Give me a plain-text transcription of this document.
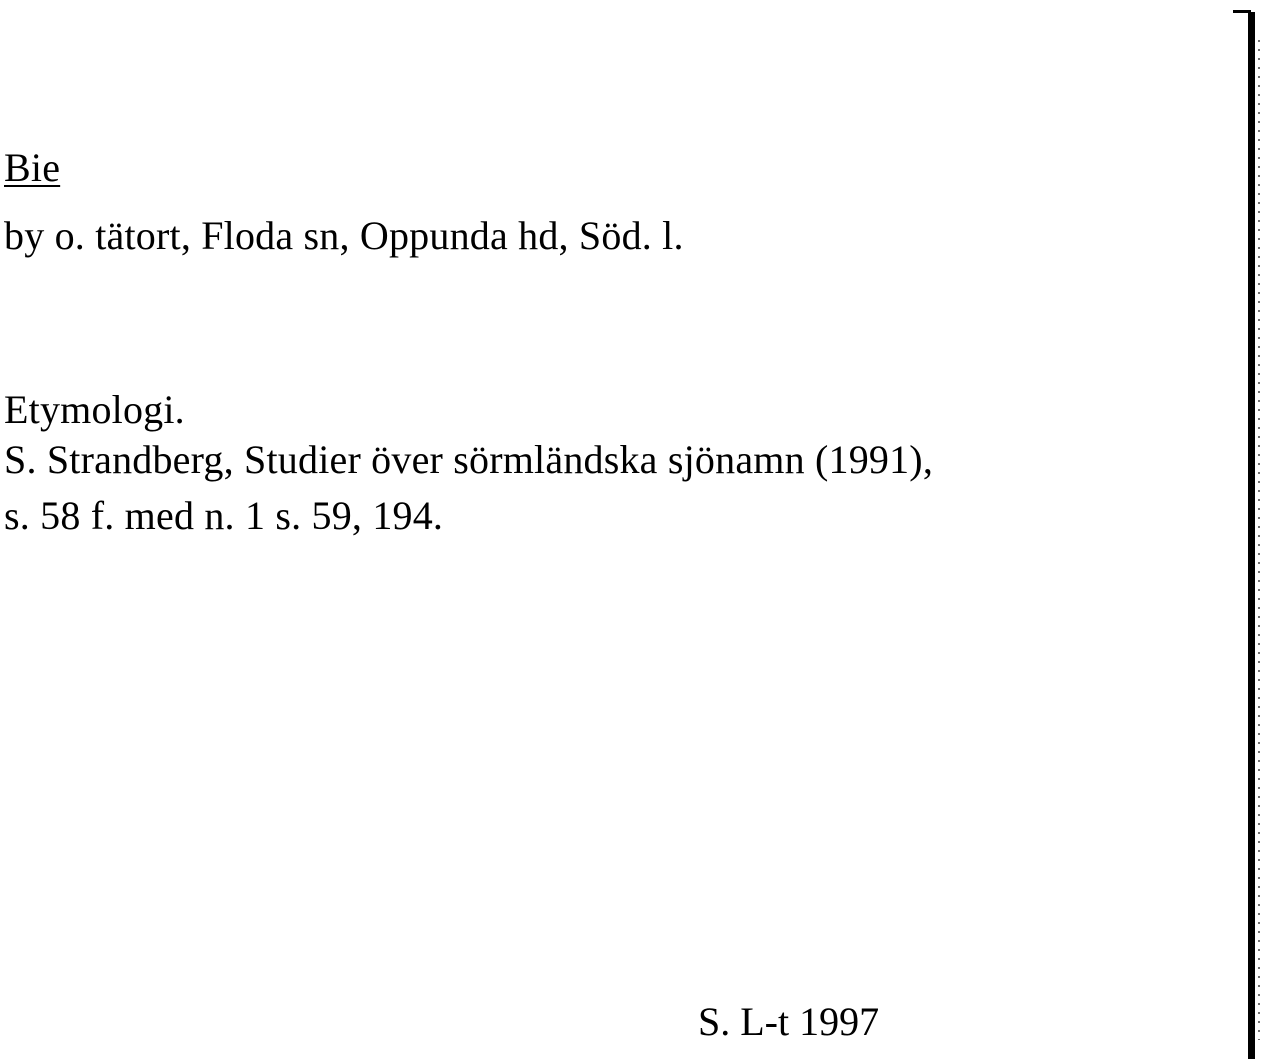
Bie
by o. tätort, Floda sn, Oppunda hd, Söd. l.
Etymologi.
S. Strandberg, Studier över sörmländska sjönamn (1991),
s. 58 f. med n. 1 s. 59, 194.
S. L-t 1997
